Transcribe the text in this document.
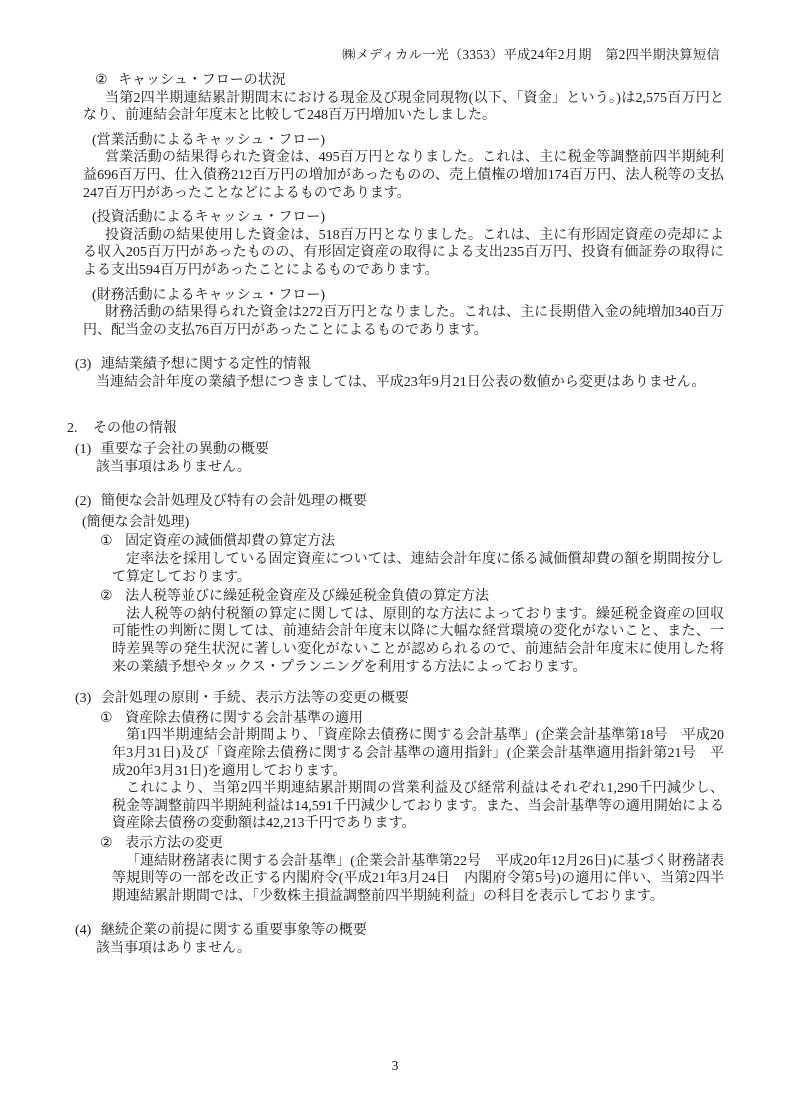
㈱メディカル一光（3353）平成24年2月期　第2四半期決算短信
② キャッシュ・フローの状況

当第2四半期連結累計期間末における現金及び現金同現物(以下、「資金」という。)は2,575百万円となり、前連結会計年度末と比較して248百万円増加いたしました。

(営業活動によるキャッシュ・フロー)

営業活動の結果得られた資金は、495百万円となりました。これは、主に税金等調整前四半期純利益696百万円、仕入債務212百万円の増加があったものの、売上債権の増加174百万円、法人税等の支払247百万円があったことなどによるものであります。

(投資活動によるキャッシュ・フロー)

投資活動の結果使用した資金は、518百万円となりました。これは、主に有形固定資産の売却による収入205百万円があったものの、有形固定資産の取得による支出235百万円、投資有価証券の取得による支出594百万円があったことによるものであります。

(財務活動によるキャッシュ・フロー)

財務活動の結果得られた資金は272百万円となりました。これは、主に長期借入金の純増加340百万円、配当金の支払76百万円があったことによるものであります。

(3) 連結業績予想に関する定性的情報

当連結会計年度の業績予想につきましては、平成23年9月21日公表の数値から変更はありません。

2. その他の情報
(1) 重要な子会社の異動の概要

該当事項はありません。

(2) 簡便な会計処理及び特有の会計処理の概要
(簡便な会計処理)
① 固定資産の減価償却費の算定方法

定率法を採用している固定資産については、連結会計年度に係る減価償却費の額を期間按分して算定しております。

② 法人税等並びに繰延税金資産及び繰延税金負債の算定方法

法人税等の納付税額の算定に関しては、原則的な方法によっております。繰延税金資産の回収可能性の判断に関しては、前連結会計年度末以降に大幅な経営環境の変化がないこと、また、一時差異等の発生状況に著しい変化がないことが認められるので、前連結会計年度末に使用した将来の業績予想やタックス・プランニングを利用する方法によっております。

(3) 会計処理の原則・手続、表示方法等の変更の概要
① 資産除去債務に関する会計基準の適用

第1四半期連結会計期間より、「資産除去債務に関する会計基準」(企業会計基準第18号　平成20年3月31日)及び「資産除去債務に関する会計基準の適用指針」(企業会計基準適用指針第21号　平成20年3月31日)を適用しております。

これにより、当第2四半期連結累計期間の営業利益及び経常利益はそれぞれ1,290千円減少し、税金等調整前四半期純利益は14,591千円減少しております。また、当会計基準等の適用開始による資産除去債務の変動額は42,213千円であります。

② 表示方法の変更

「連結財務諸表に関する会計基準」(企業会計基準第22号　平成20年12月26日)に基づく財務諸表等規則等の一部を改正する内閣府令(平成21年3月24日　内閣府令第5号)の適用に伴い、当第2四半期連結累計期間では、「少数株主損益調整前四半期純利益」の科目を表示しております。

(4) 継続企業の前提に関する重要事象等の概要

該当事項はありません。

3
